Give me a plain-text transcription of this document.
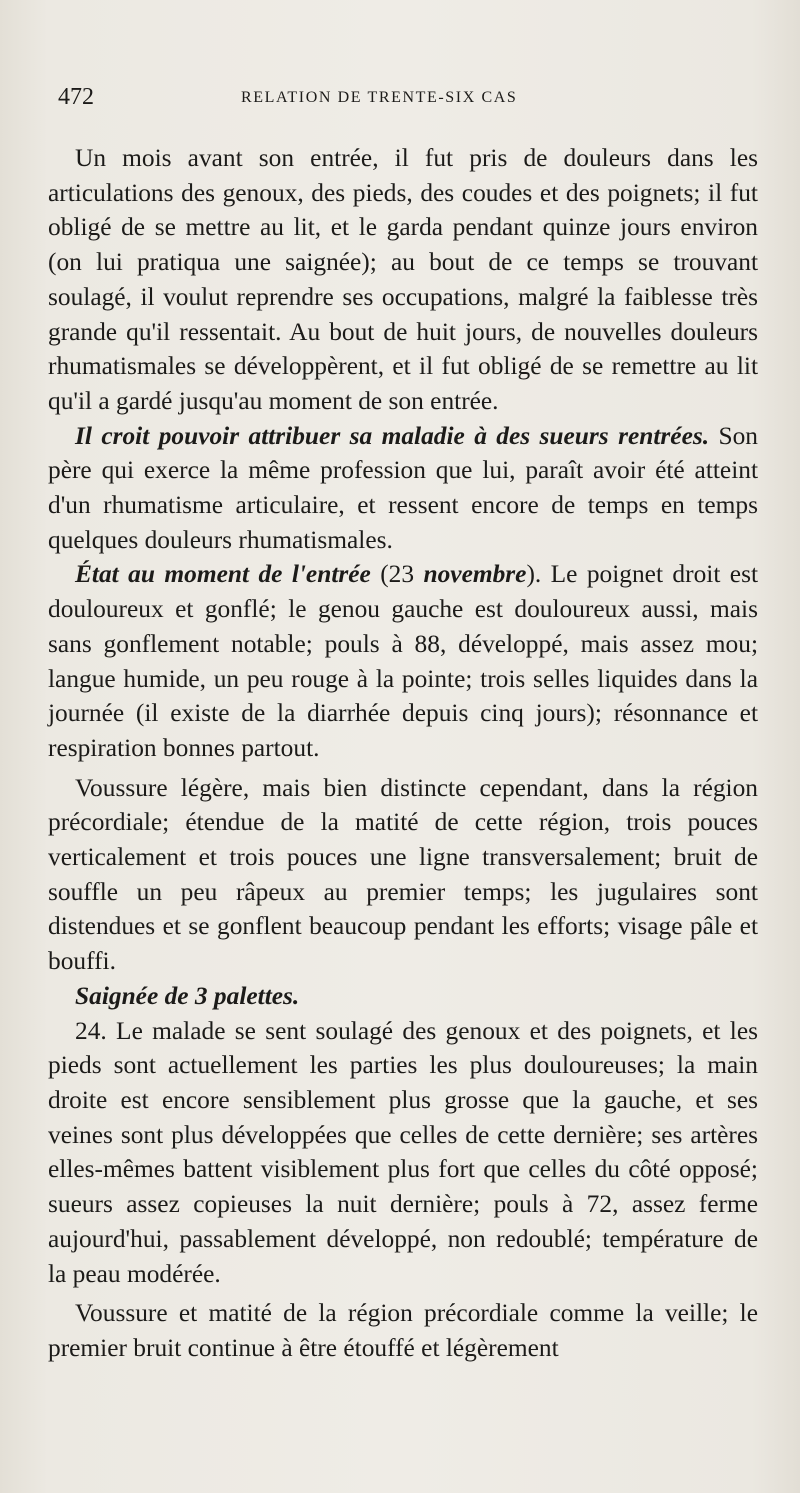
472	RELATION DE TRENTE-SIX CAS

Un mois avant son entrée, il fut pris de douleurs dans les articulations des genoux, des pieds, des coudes et des poignets; il fut obligé de se mettre au lit, et le garda pendant quinze jours environ (on lui pratiqua une saignée); au bout de ce temps se trouvant soulagé, il voulut reprendre ses occupations, malgré la faiblesse très grande qu'il ressentait. Au bout de huit jours, de nouvelles douleurs rhumatismales se développèrent, et il fut obligé de se remettre au lit qu'il a gardé jusqu'au moment de son entrée.

Il croit pouvoir attribuer sa maladie à des sueurs rentrées. Son père qui exerce la même profession que lui, paraît avoir été atteint d'un rhumatisme articulaire, et ressent encore de temps en temps quelques douleurs rhumatismales.

État au moment de l'entrée (23 novembre). Le poignet droit est douloureux et gonflé; le genou gauche est douloureux aussi, mais sans gonflement notable; pouls à 88, développé, mais assez mou; langue humide, un peu rouge à la pointe; trois selles liquides dans la journée (il existe de la diarrhée depuis cinq jours); résonnance et respiration bonnes partout.

Voussure légère, mais bien distincte cependant, dans la région précordiale; étendue de la matité de cette région, trois pouces verticalement et trois pouces une ligne transversalement; bruit de souffle un peu râpeux au premier temps; les jugulaires sont distendues et se gonflent beaucoup pendant les efforts; visage pâle et bouffi.

Saignée de 3 palettes.

24. Le malade se sent soulagé des genoux et des poignets, et les pieds sont actuellement les parties les plus douloureuses; la main droite est encore sensiblement plus grosse que la gauche, et ses veines sont plus développées que celles de cette dernière; ses artères elles-mêmes battent visiblement plus fort que celles du côté opposé; sueurs assez copieuses la nuit dernière; pouls à 72, assez ferme aujourd'hui, passablement développé, non redoublé; température de la peau modérée.

Voussure et matité de la région précordiale comme la veille; le premier bruit continue à être étouffé et légèrement
